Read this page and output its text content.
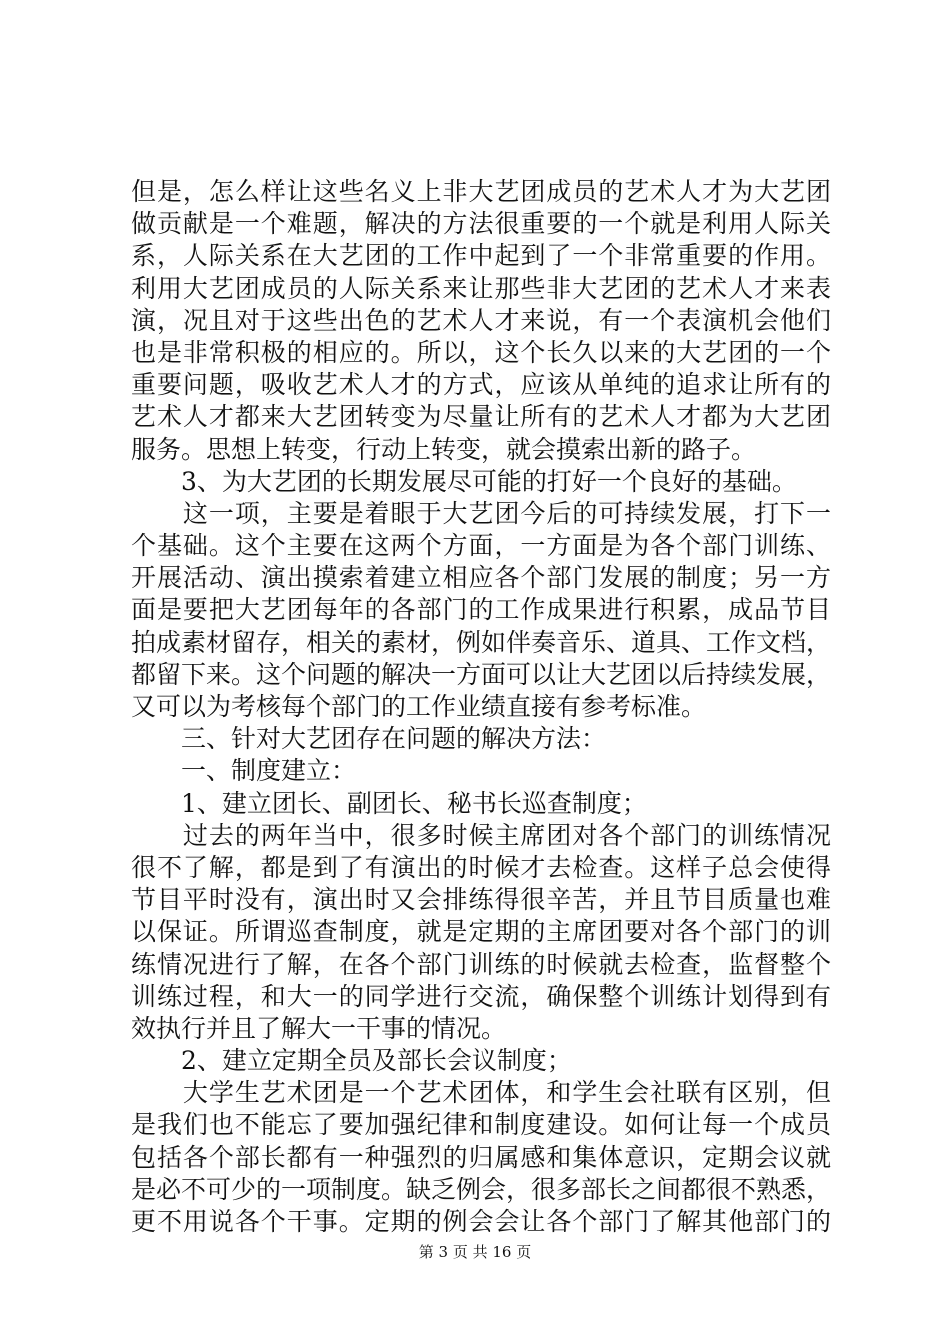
但是，怎么样让这些名义上非大艺团成员的艺术人才为大艺团
做贡献是一个难题，解决的方法很重要的一个就是利用人际关
系，人际关系在大艺团的工作中起到了一个非常重要的作用。
利用大艺团成员的人际关系来让那些非大艺团的艺术人才来表
演，况且对于这些出色的艺术人才来说，有一个表演机会他们
也是非常积极的相应的。所以，这个长久以来的大艺团的一个
重要问题，吸收艺术人才的方式，应该从单纯的追求让所有的
艺术人才都来大艺团转变为尽量让所有的艺术人才都为大艺团
服务。思想上转变，行动上转变，就会摸索出新的路子。
　　3、为大艺团的长期发展尽可能的打好一个良好的基础。
　　这一项，主要是着眼于大艺团今后的可持续发展，打下一
个基础。这个主要在这两个方面，一方面是为各个部门训练、
开展活动、演出摸索着建立相应各个部门发展的制度；另一方
面是要把大艺团每年的各部门的工作成果进行积累，成品节目
拍成素材留存，相关的素材，例如伴奏音乐、道具、工作文档，
都留下来。这个问题的解决一方面可以让大艺团以后持续发展，
又可以为考核每个部门的工作业绩直接有参考标准。
　　三、针对大艺团存在问题的解决方法：
　　一、制度建立：
　　1、建立团长、副团长、秘书长巡查制度；
　　过去的两年当中，很多时候主席团对各个部门的训练情况
很不了解，都是到了有演出的时候才去检查。这样子总会使得
节目平时没有，演出时又会排练得很辛苦，并且节目质量也难
以保证。所谓巡查制度，就是定期的主席团要对各个部门的训
练情况进行了解，在各个部门训练的时候就去检查，监督整个
训练过程，和大一的同学进行交流，确保整个训练计划得到有
效执行并且了解大一干事的情况。
　　2、建立定期全员及部长会议制度；
　　大学生艺术团是一个艺术团体，和学生会社联有区别，但
是我们也不能忘了要加强纪律和制度建设。如何让每一个成员
包括各个部长都有一种强烈的归属感和集体意识，定期会议就
是必不可少的一项制度。缺乏例会，很多部长之间都很不熟悉，
更不用说各个干事。定期的例会会让各个部门了解其他部门的
第 3 页 共 16 页
